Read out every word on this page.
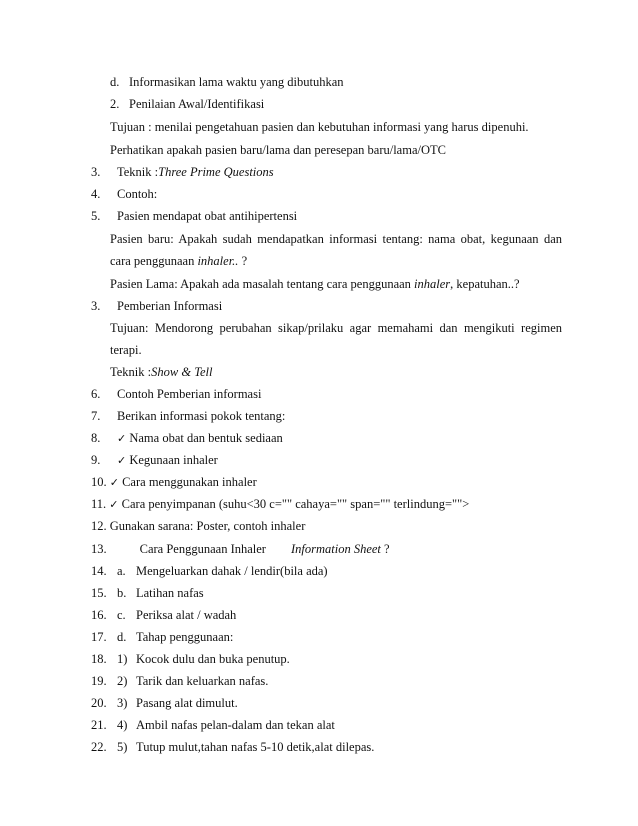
d. Informasikan lama waktu yang dibutuhkan
2. Penilaian Awal/Identifikasi
Tujuan : menilai pengetahuan pasien dan kebutuhan informasi yang harus dipenuhi.
Perhatikan apakah pasien baru/lama dan peresepan baru/lama/OTC
3. Teknik :Three Prime Questions
4. Contoh:
5. Pasien mendapat obat antihipertensi
Pasien baru: Apakah sudah mendapatkan informasi tentang: nama obat, kegunaan dan
cara penggunaan inhaler.. ?
Pasien Lama: Apakah ada masalah tentang cara penggunaan inhaler, kepatuhan..?
3. Pemberian Informasi
Tujuan: Mendorong perubahan sikap/prilaku agar memahami dan mengikuti regimen
terapi.
Teknik :Show & Tell
6. Contoh Pemberian informasi
7. Berikan informasi pokok tentang:
8. ✓ Nama obat dan bentuk sediaan
9. ✓ Kegunaan inhaler
10. ✓ Cara menggunakan inhaler
11. ✓ Cara penyimpanan (suhu<30 c="" cahaya="" span="" terlindung="">
12. Gunakan sarana: Poster, contoh inhaler
13.	Cara Penggunaan Inhaler Information Sheet ?
14. a. Mengeluarkan dahak / lendir(bila ada)
15. b. Latihan nafas
16. c. Periksa alat / wadah
17. d. Tahap penggunaan:
18. 1) Kocok dulu dan buka penutup.
19. 2) Tarik dan keluarkan nafas.
20. 3) Pasang alat dimulut.
21. 4) Ambil nafas pelan-dalam dan tekan alat
22. 5) Tutup mulut,tahan nafas 5-10 detik,alat dilepas.
